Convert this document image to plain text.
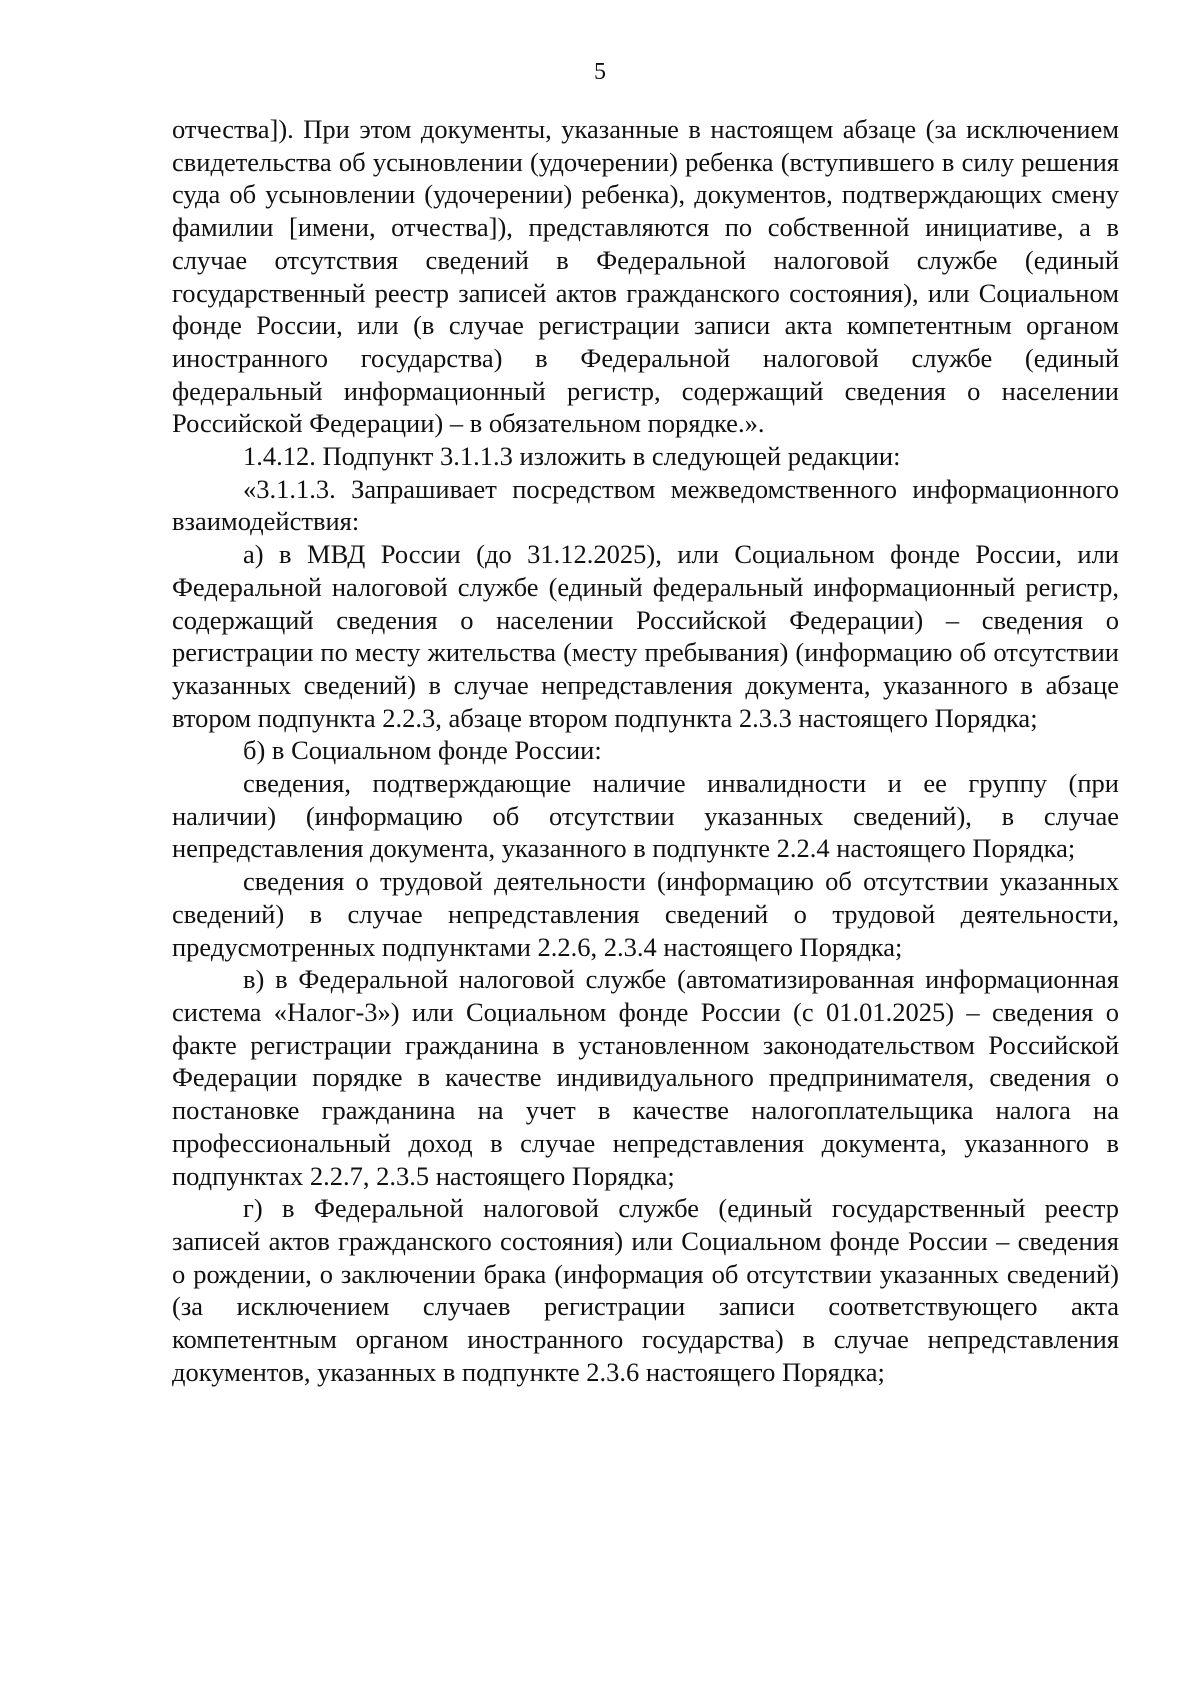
5

отчества]). При этом документы, указанные в настоящем абзаце (за исключением свидетельства об усыновлении (удочерении) ребенка (вступившего в силу решения суда об усыновлении (удочерении) ребенка), документов, подтверждающих смену фамилии [имени, отчества]), представляются по собственной инициативе, а в случае отсутствия сведений в Федеральной налоговой службе (единый государственный реестр записей актов гражданского состояния), или Социальном фонде России, или (в случае регистрации записи акта компетентным органом иностранного государства) в Федеральной налоговой службе (единый федеральный информационный регистр, содержащий сведения о населении Российской Федерации) – в обязательном порядке.».

1.4.12. Подпункт 3.1.1.3 изложить в следующей редакции:

«3.1.1.3. Запрашивает посредством межведомственного информационного взаимодействия:

а) в МВД России (до 31.12.2025), или Социальном фонде России, или Федеральной налоговой службе (единый федеральный информационный регистр, содержащий сведения о населении Российской Федерации) – сведения о регистрации по месту жительства (месту пребывания) (информацию об отсутствии указанных сведений) в случае непредставления документа, указанного в абзаце втором подпункта 2.2.3, абзаце втором подпункта 2.3.3 настоящего Порядка;

б) в Социальном фонде России:

сведения, подтверждающие наличие инвалидности и ее группу (при наличии) (информацию об отсутствии указанных сведений), в случае непредставления документа, указанного в подпункте 2.2.4 настоящего Порядка;

сведения о трудовой деятельности (информацию об отсутствии указанных сведений) в случае непредставления сведений о трудовой деятельности, предусмотренных подпунктами 2.2.6, 2.3.4 настоящего Порядка;

в) в Федеральной налоговой службе (автоматизированная информационная система «Налог-3») или Социальном фонде России (с 01.01.2025) – сведения о факте регистрации гражданина в установленном законодательством Российской Федерации порядке в качестве индивидуального предпринимателя, сведения о постановке гражданина на учет в качестве налогоплательщика налога на профессиональный доход в случае непредставления документа, указанного в подпунктах 2.2.7, 2.3.5 настоящего Порядка;

г) в Федеральной налоговой службе (единый государственный реестр записей актов гражданского состояния) или Социальном фонде России – сведения о рождении, о заключении брака (информация об отсутствии указанных сведений) (за исключением случаев регистрации записи соответствующего акта компетентным органом иностранного государства) в случае непредставления документов, указанных в подпункте 2.3.6 настоящего Порядка;
